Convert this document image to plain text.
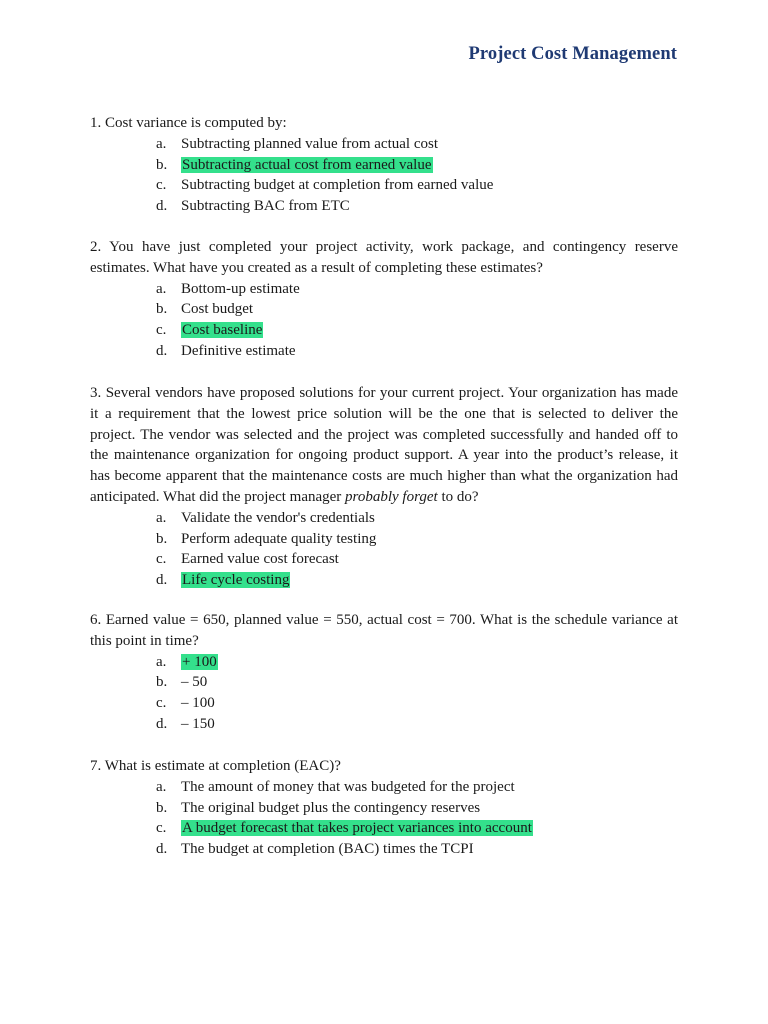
Project Cost Management
1. Cost variance is computed by:
a. Subtracting planned value from actual cost
b. Subtracting actual cost from earned value
c. Subtracting budget at completion from earned value
d. Subtracting BAC from ETC
2. You have just completed your project activity, work package, and contingency reserve estimates. What have you created as a result of completing these estimates?
a. Bottom-up estimate
b. Cost budget
c.	Cost baseline
d. Definitive estimate
3. Several vendors have proposed solutions for your current project. Your organization has made it a requirement that the lowest price solution will be the one that is selected to deliver the project. The vendor was selected and the project was completed successfully and handed off to the maintenance organization for ongoing product support. A year into the product’s release, it has become apparent that the maintenance costs are much higher than what the organization had anticipated. What did the project manager probably forget to do?
a. Validate the vendor's credentials
b. Perform adequate quality testing
c. Earned value cost forecast
d. Life cycle costing
6. Earned value = 650, planned value = 550, actual cost = 700. What is the schedule variance at this point in time?
a.	+ 100
b. – 50
c. – 100
d. – 150
7. What is estimate at completion (EAC)?
a. The amount of money that was budgeted for the project
b. The original budget plus the contingency reserves
c.	A budget forecast that takes project variances into account
d. The budget at completion (BAC) times the TCPI
